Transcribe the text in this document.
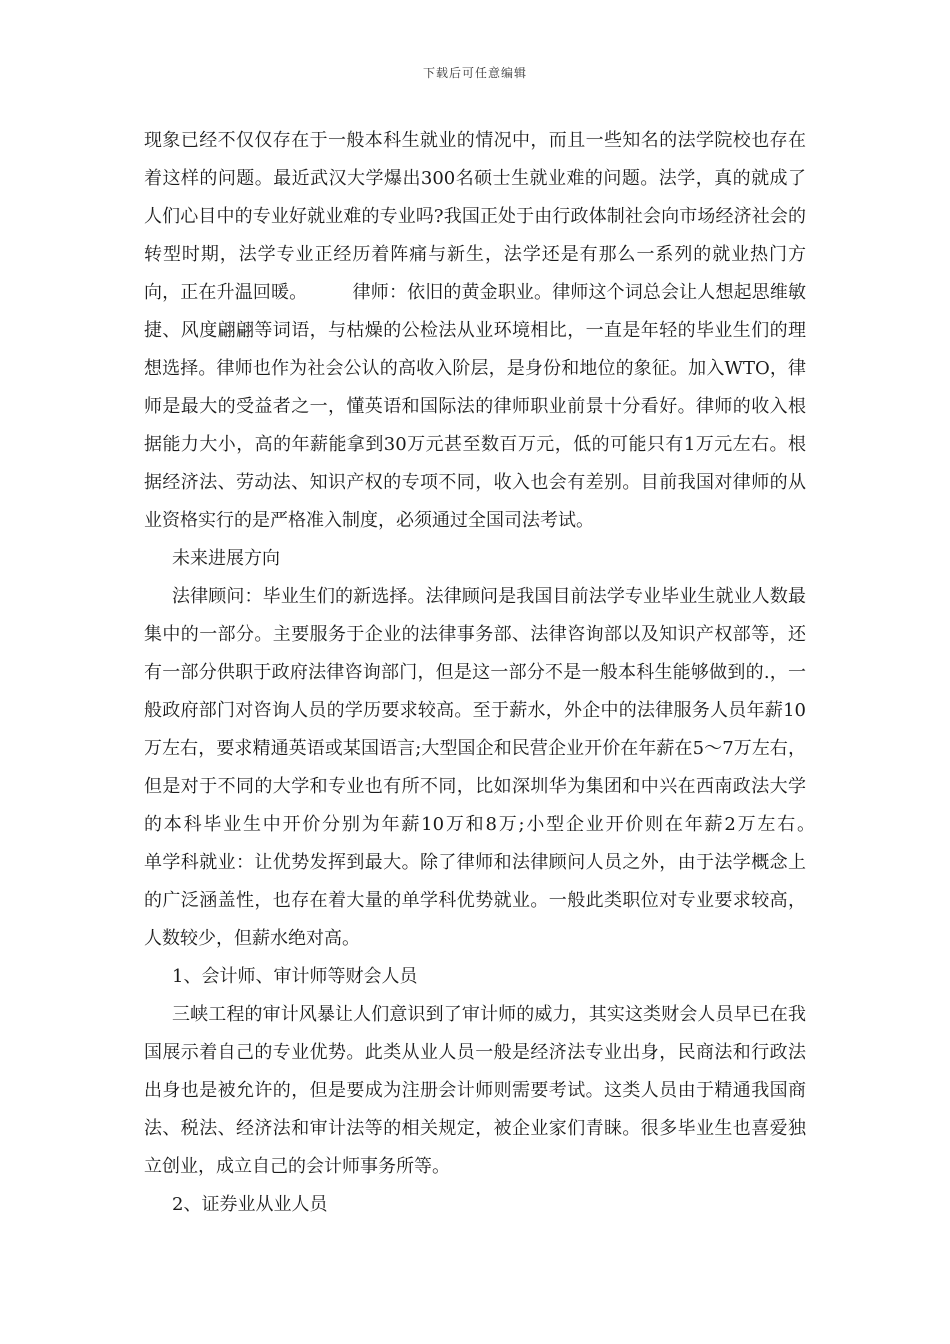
下载后可任意编辑

现象已经不仅仅存在于一般本科生就业的情况中，而且一些知名的法学院校也存在着这样的问题。最近武汉大学爆出300名硕士生就业难的问题。法学，真的就成了人们心目中的专业好就业难的专业吗?我国正处于由行政体制社会向市场经济社会的转型时期，法学专业正经历着阵痛与新生，法学还是有那么一系列的就业热门方向，正在升温回暖。　　　律师：依旧的黄金职业。律师这个词总会让人想起思维敏捷、风度翩翩等词语，与枯燥的公检法从业环境相比，一直是年轻的毕业生们的理想选择。律师也作为社会公认的高收入阶层，是身份和地位的象征。加入WTO，律师是最大的受益者之一，懂英语和国际法的律师职业前景十分看好。律师的收入根据能力大小，高的年薪能拿到30万元甚至数百万元，低的可能只有1万元左右。根据经济法、劳动法、知识产权的专项不同，收入也会有差别。目前我国对律师的从业资格实行的是严格准入制度，必须通过全国司法考试。

未来进展方向

法律顾问：毕业生们的新选择。法律顾问是我国目前法学专业毕业生就业人数最集中的一部分。主要服务于企业的法律事务部、法律咨询部以及知识产权部等，还有一部分供职于政府法律咨询部门，但是这一部分不是一般本科生能够做到的.，一般政府部门对咨询人员的学历要求较高。至于薪水，外企中的法律服务人员年薪10万左右，要求精通英语或某国语言;大型国企和民营企业开价在年薪在5～7万左右，但是对于不同的大学和专业也有所不同，比如深圳华为集团和中兴在西南政法大学的本科毕业生中开价分别为年薪10万和8万;小型企业开价则在年薪2万左右。　　　单学科就业：让优势发挥到最大。除了律师和法律顾问人员之外，由于法学概念上的广泛涵盖性，也存在着大量的单学科优势就业。一般此类职位对专业要求较高，人数较少，但薪水绝对高。

1、会计师、审计师等财会人员

三峡工程的审计风暴让人们意识到了审计师的威力，其实这类财会人员早已在我国展示着自己的专业优势。此类从业人员一般是经济法专业出身，民商法和行政法出身也是被允许的，但是要成为注册会计师则需要考试。这类人员由于精通我国商法、税法、经济法和审计法等的相关规定，被企业家们青睐。很多毕业生也喜爱独立创业，成立自己的会计师事务所等。

2、证券业从业人员
